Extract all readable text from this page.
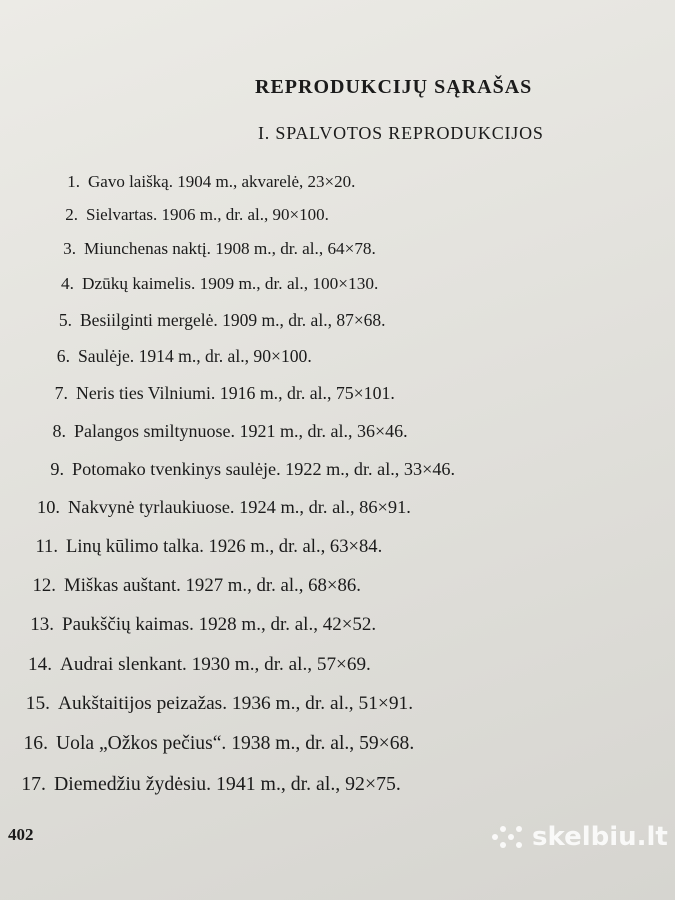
REPRODUKCIJŲ SĄRAŠAS
I. SPALVOTOS REPRODUKCIJOS
1. Gavo laišką. 1904 m., akvarelė, 23×20.
2. Sielvartas. 1906 m., dr. al., 90×100.
3. Miunchenas naktį. 1908 m., dr. al., 64×78.
4. Dzūkų kaimelis. 1909 m., dr. al., 100×130.
5. Besiilginti mergelė. 1909 m., dr. al., 87×68.
6. Saulėje. 1914 m., dr. al., 90×100.
7. Neris ties Vilniumi. 1916 m., dr. al., 75×101.
8. Palangos smiltynuose. 1921 m., dr. al., 36×46.
9. Potomako tvenkinys saulėje. 1922 m., dr. al., 33×46.
10. Nakvynė tyrlaukiuose. 1924 m., dr. al., 86×91.
11. Linų kūlimo talka. 1926 m., dr. al., 63×84.
12. Miškas auštant. 1927 m., dr. al., 68×86.
13. Paukščių kaimas. 1928 m., dr. al., 42×52.
14. Audrai slenkant. 1930 m., dr. al., 57×69.
15. Aukštaitijos peizažas. 1936 m., dr. al., 51×91.
16. Uola „Ožkos pečius“. 1938 m., dr. al., 59×68.
17. Diemedžiu žydėsiu. 1941 m., dr. al., 92×75.
402	skelbiu.lt
